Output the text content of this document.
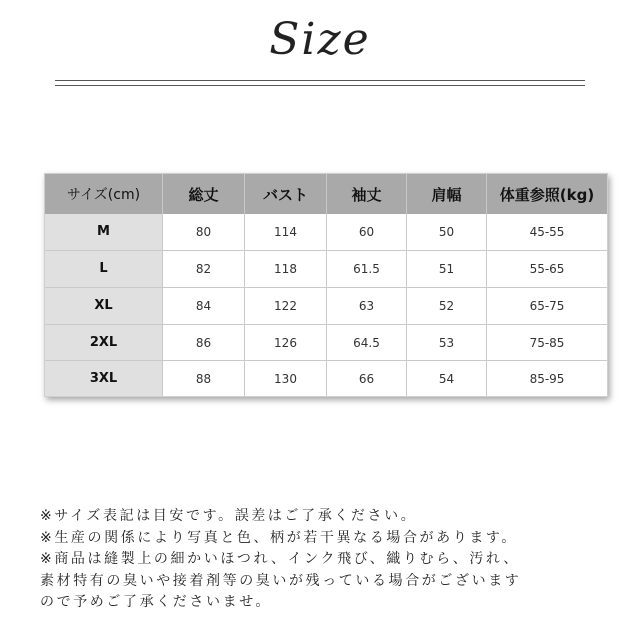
Size
サイズ(cm)	総丈	バスト	袖丈	肩幅	体重参照(kg)
M	80	114	60	50	45-55
L	82	118	61.5	51	55-65
XL	84	122	63	52	65-75
2XL	86	126	64.5	53	75-85
3XL	88	130	66	54	85-95
※サイズ表記は目安です。誤差はご了承ください。
※生産の関係により写真と色、柄が若干異なる場合があります。
※商品は縫製上の細かいほつれ、インク飛び、織りむら、汚れ、
素材特有の臭いや接着剤等の臭いが残っている場合がございます
ので予めご了承くださいませ。
